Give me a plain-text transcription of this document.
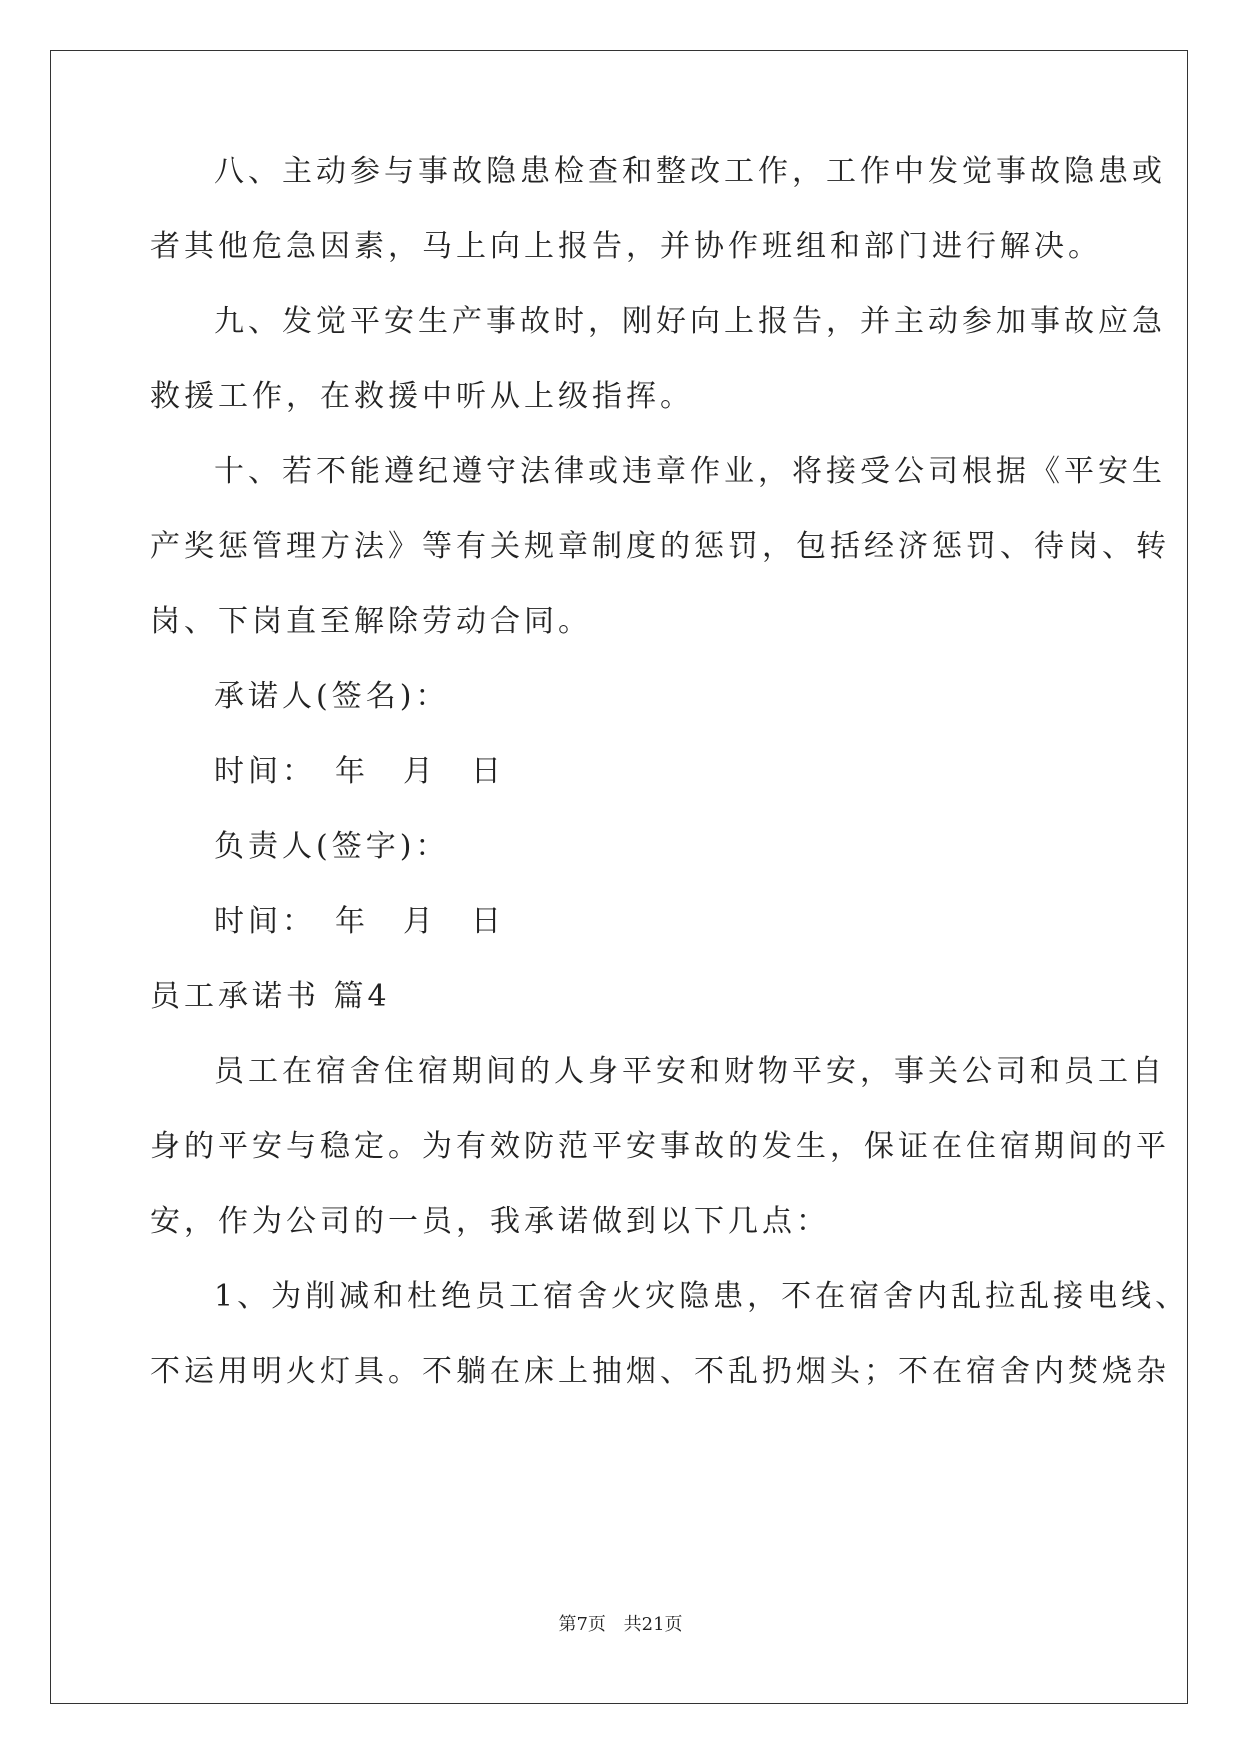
八、主动参与事故隐患检查和整改工作，工作中发觉事故隐患或
者其他危急因素，马上向上报告，并协作班组和部门进行解决。
九、发觉平安生产事故时，刚好向上报告，并主动参加事故应急
救援工作，在救援中听从上级指挥。
十、若不能遵纪遵守法律或违章作业，将接受公司根据《平安生
产奖惩管理方法》等有关规章制度的惩罚，包括经济惩罚、待岗、转
岗、下岗直至解除劳动合同。
承诺人(签名)：
时间：　年　月　日
负责人(签字)：
时间：　年　月　日
员工承诺书 篇4
员工在宿舍住宿期间的人身平安和财物平安，事关公司和员工自
身的平安与稳定。为有效防范平安事故的发生，保证在住宿期间的平
安，作为公司的一员，我承诺做到以下几点：
1、为削减和杜绝员工宿舍火灾隐患，不在宿舍内乱拉乱接电线、
不运用明火灯具。不躺在床上抽烟、不乱扔烟头；不在宿舍内焚烧杂
第7页 共21页
